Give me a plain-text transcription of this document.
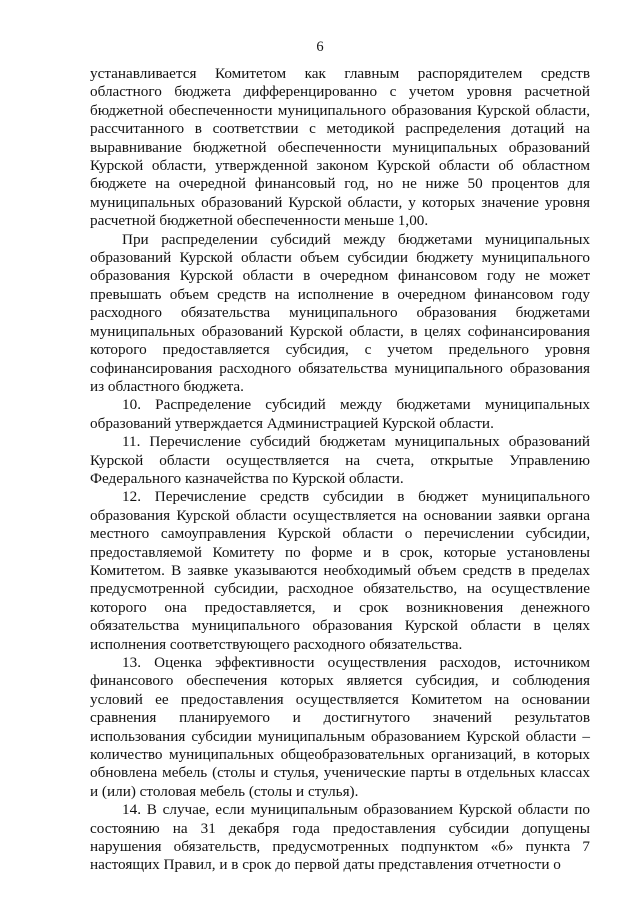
6

устанавливается Комитетом как главным распорядителем средств областного бюджета дифференцированно с учетом уровня расчетной бюджетной обеспеченности муниципального образования Курской области, рассчитанного в соответствии с методикой распределения дотаций на выравнивание бюджетной обеспеченности муниципальных образований Курской области, утвержденной законом Курской области об областном бюджете на очередной финансовый год, но не ниже 50 процентов для муниципальных образований Курской области, у которых значение уровня расчетной бюджетной обеспеченности меньше 1,00.

При распределении субсидий между бюджетами муниципальных образований Курской области объем субсидии бюджету муниципального образования Курской области в очередном финансовом году не может превышать объем средств на исполнение в очередном финансовом году расходного обязательства муниципального образования бюджетами муниципальных образований Курской области, в целях софинансирования которого предоставляется субсидия, с учетом предельного уровня софинансирования расходного обязательства муниципального образования из областного бюджета.

10. Распределение субсидий между бюджетами муниципальных образований утверждается Администрацией Курской области.

11. Перечисление субсидий бюджетам муниципальных образований Курской области осуществляется на счета, открытые Управлению Федерального казначейства по Курской области.

12. Перечисление средств субсидии в бюджет муниципального образования Курской области осуществляется на основании заявки органа местного самоуправления Курской области о перечислении субсидии, предоставляемой Комитету по форме и в срок, которые установлены Комитетом. В заявке указываются необходимый объем средств в пределах предусмотренной субсидии, расходное обязательство, на осуществление которого она предоставляется, и срок возникновения денежного обязательства муниципального образования Курской области в целях исполнения соответствующего расходного обязательства.

13. Оценка эффективности осуществления расходов, источником финансового обеспечения которых является субсидия, и соблюдения условий ее предоставления осуществляется Комитетом на основании сравнения планируемого и достигнутого значений результатов использования субсидии муниципальным образованием Курской области – количество муниципальных общеобразовательных организаций, в которых обновлена мебель (столы и стулья, ученические парты в отдельных классах и (или) столовая мебель (столы и стулья).

14. В случае, если муниципальным образованием Курской области по состоянию на 31 декабря года предоставления субсидии допущены нарушения обязательств, предусмотренных подпунктом «б» пункта 7 настоящих Правил, и в срок до первой даты представления отчетности о
